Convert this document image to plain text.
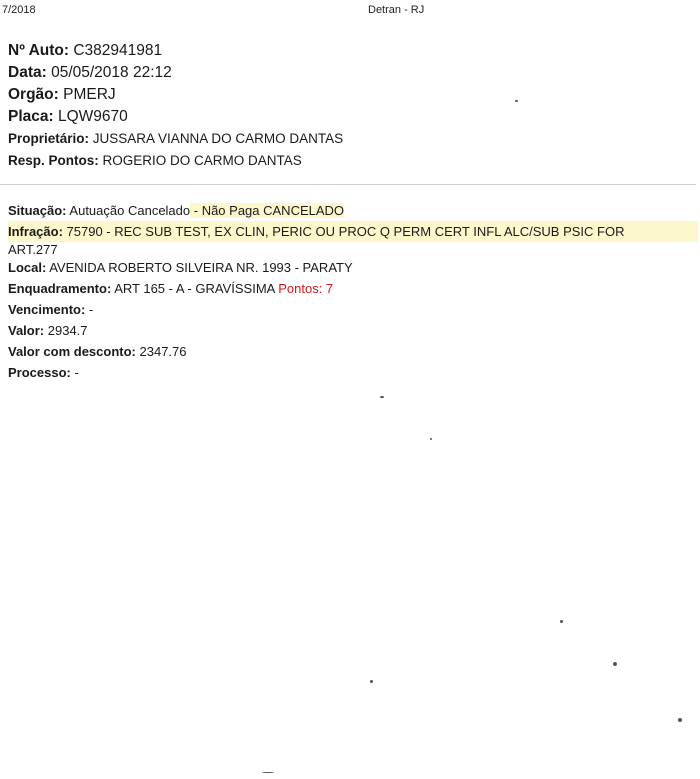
7/2018	Detran - RJ
Nº Auto: C382941981
Data: 05/05/2018 22:12
Orgão: PMERJ
Placa: LQW9670
Proprietário: JUSSARA VIANNA DO CARMO DANTAS
Resp. Pontos: ROGERIO DO CARMO DANTAS
Situação: Autuação Cancelado - Não Paga CANCELADO
Infração: 75790 - REC SUB TEST, EX CLIN, PERIC OU PROC Q PERM CERT INFL ALC/SUB PSIC FOR
ART.277
Local: AVENIDA ROBERTO SILVEIRA NR. 1993 - PARATY
Enquadramento: ART 165 - A - GRAVÍSSIMA Pontos: 7
Vencimento: -
Valor: 2934.7
Valor com desconto: 2347.76
Processo: -
